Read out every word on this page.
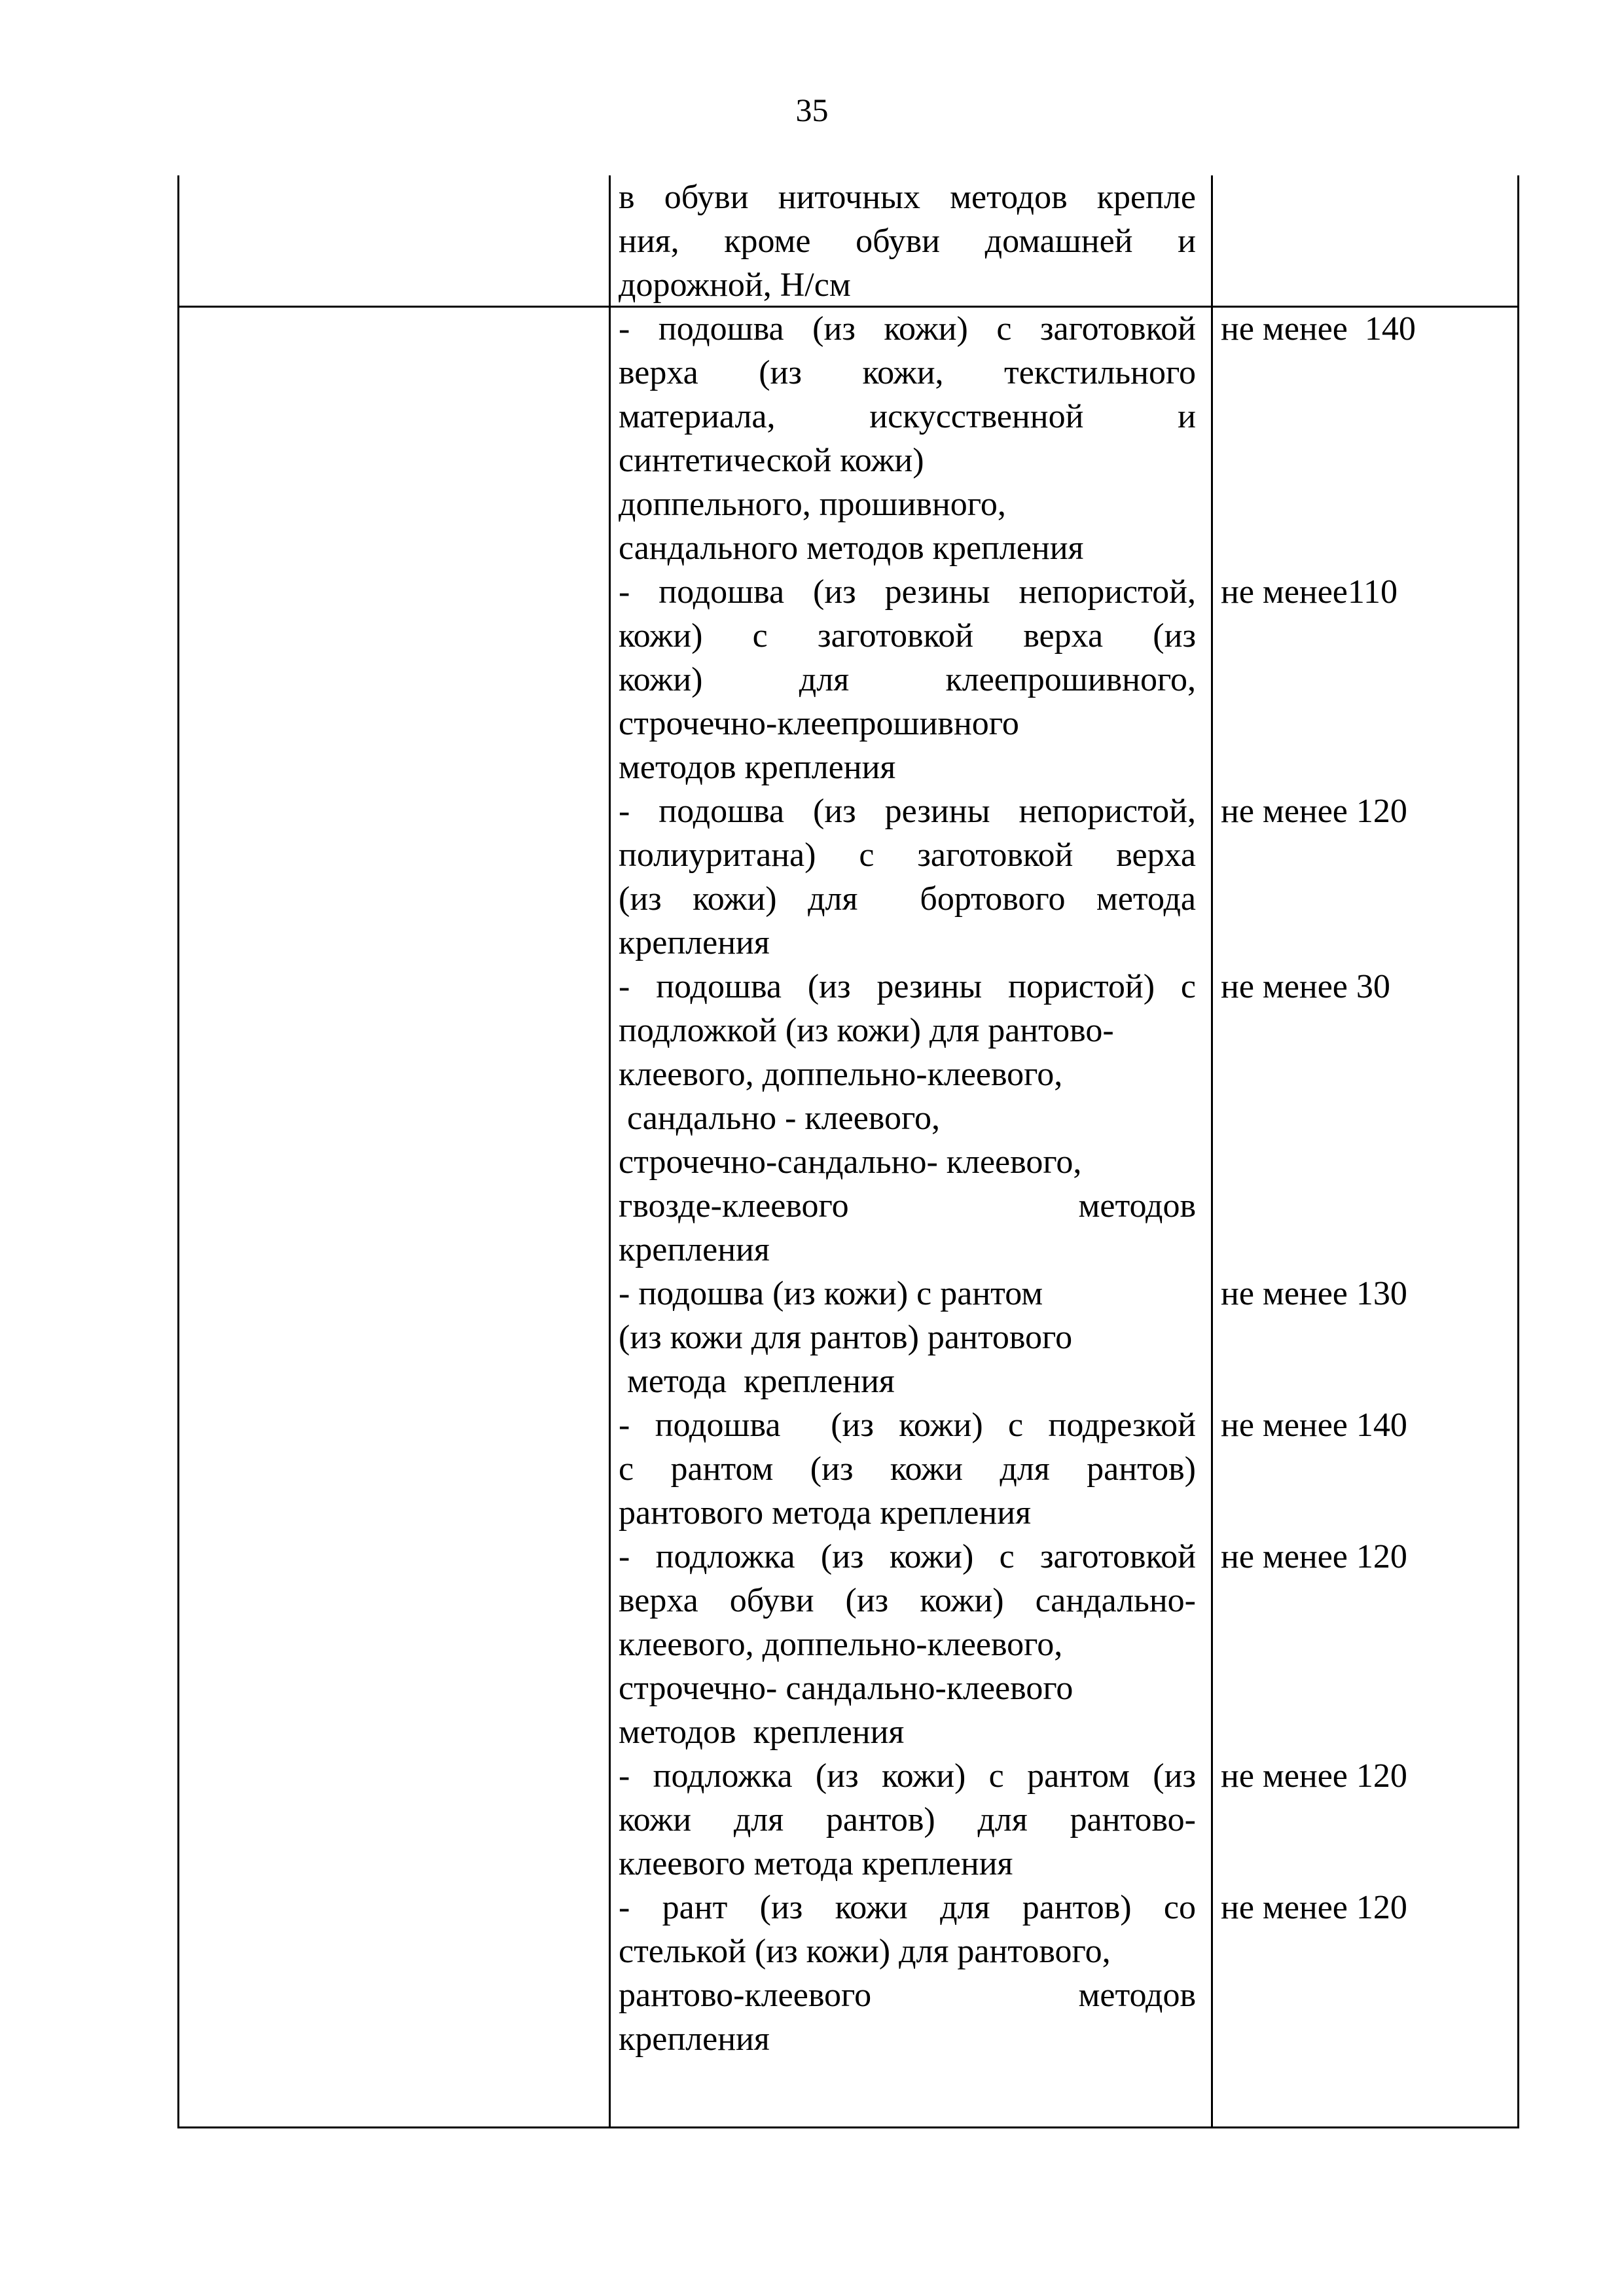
35
в обуви ниточных методов крепле
ния, кроме обуви домашней и
дорожной, Н/см
- подошва (из кожи) с заготовкой
верха (из кожи, текстильного
материала, искусственной и
синтетической кожи)
доппельного, прошивного,
сандального методов крепления
не менее  140
- подошва (из резины непористой,
кожи) с заготовкой верха (из
кожи) для клеепрошивного,
строчечно-клеепрошивного
методов крепления
не менее110
- подошва (из резины непористой,
полиуритана) с заготовкой верха
(из кожи) для  бортового метода
крепления
не менее 120
- подошва (из резины пористой) с
подложкой (из кожи) для рантово-
клеевого, доппельно-клеевого,
сандально - клеевого,
строчечно-сандально- клеевого,
гвозде-клеевого методов
крепления
не менее 30
- подошва (из кожи) с рантом
(из кожи для рантов) рантового
метода  крепления
не менее 130
- подошва  (из кожи) с подрезкой
с рантом (из кожи для рантов)
рантового метода крепления
не менее 140
- подложка (из кожи) с заготовкой
верха обуви (из кожи) сандально-
клеевого, доппельно-клеевого,
строчечно- сандально-клеевого
методов  крепления
не менее 120
- подложка (из кожи) с рантом (из
кожи для рантов) для рантово-
клеевого метода крепления
не менее 120
- рант (из кожи для рантов) со
стелькой (из кожи) для рантового,
рантово-клеевого методов
крепления
не менее 120
